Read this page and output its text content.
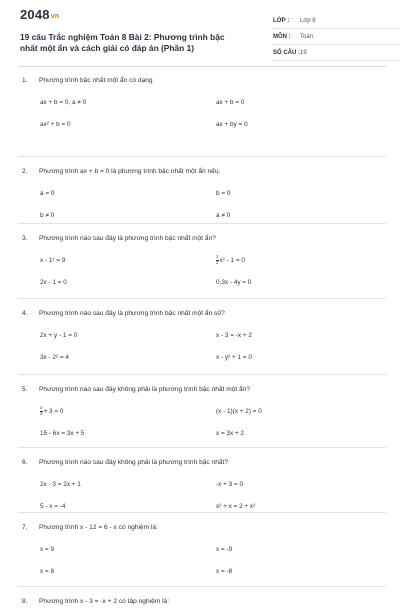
2048vn
19 câu Trắc nghiệm Toán 8 Bài 2: Phương trình bậc nhất một ẩn và cách giải có đáp án (Phần 1)
LỚP :	Lớp 8
MÔN :	Toán
SỐ CÂU : 19
1.	Phương trình bậc nhất một ẩn có dạng
ax + b = 0, a ≠ 0	ax + b = 0
ax² + b = 0	ax + by = 0
2.	Phương trình ax + b = 0 là phương trình bậc nhất một ẩn nếu:
a = 0	b = 0
b ≠ 0	a ≠ 0
3.	Phương trình nào sau đây là phương trình bậc nhất một ẩn?
x - 1² = 9	$\frac{1}{2}x^2 - 1 = 0$
2x - 1 = 0	0,3x - 4y = 0
4.	Phương trình nào sau đây là phương trình bậc nhất một ẩn số?
2x + y - 1 = 0	x - 3 = -x + 2
3x - 2² = 4	x - y² + 1 = 0
5.	Phương trình nào sau đây không phải là phương trình bậc nhất một ẩn?
$\frac{x}{2}+ 3 = 0$	(x - 1)(x + 2) = 0
15 - 6x = 3x + 5	x = 3x + 2
6.	Phương trình nào sau đây không phải là phương trình bậc nhất?
2x - 3 = 2x + 1	-x + 3 = 0
5 - x = -4	x² + x = 2 + x²
7.	Phương trình x - 12 = 6 - x có nghiệm là:
x = 9	x = -9
x = 8	x = -8
8.	Phương trình x - 3 = -x + 2 có tập nghiệm là:
